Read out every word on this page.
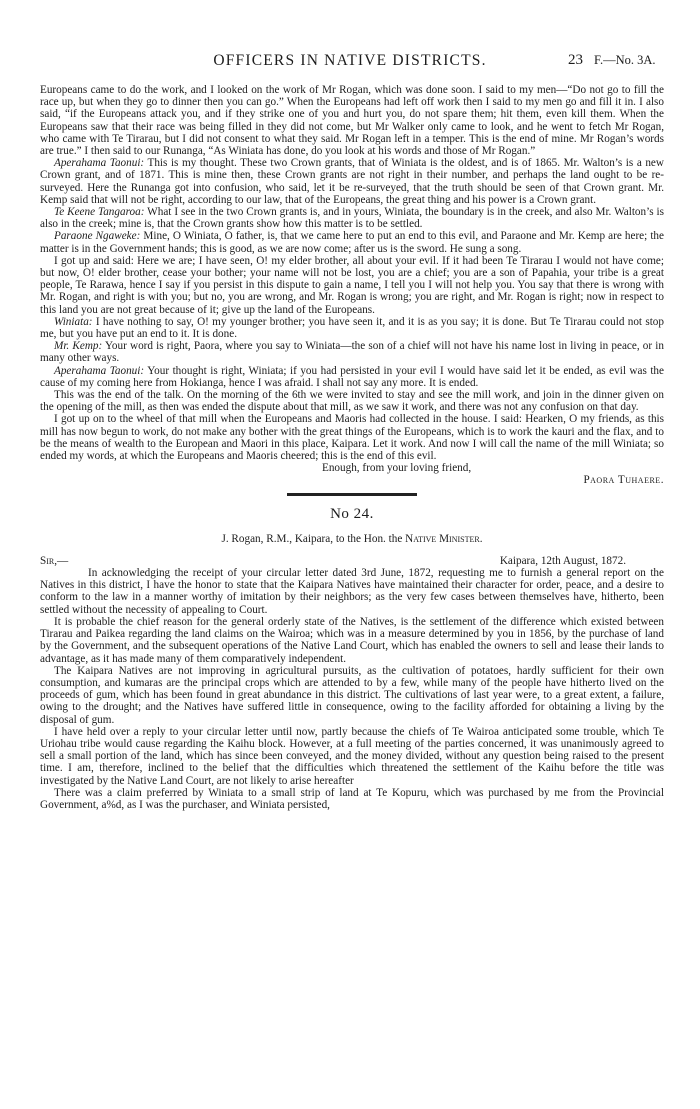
OFFICERS IN NATIVE DISTRICTS.	23 F.—No. 3A.

Europeans came to do the work, and I looked on the work of Mr Rogan, which was done soon. I said to my men—“Do not go to fill the race up, but when they go to dinner then you can go.” When the Europeans had left off work then I said to my men go and fill it in. I also said, “if the Europeans attack you, and if they strike one of you and hurt you, do not spare them; hit them, even kill them. When the Europeans saw that their race was being filled in they did not come, but Mr Walker only came to look, and he went to fetch Mr Rogan, who came with Te Tirarau, but I did not consent to what they said. Mr Rogan left in a temper. This is the end of mine. Mr Rogan’s words are true.” I then said to our Runanga, “As Winiata has done, do you look at his words and those of Mr Rogan.”

Aperahama Taonui: This is my thought. These two Crown grants, that of Winiata is the oldest, and is of 1865. Mr. Walton’s is a new Crown grant, and of 1871. This is mine then, these Crown grants are not right in their number, and perhaps the land ought to be re-surveyed. Here the Runanga got into confusion, who said, let it be re-surveyed, that the truth should be seen of that Crown grant. Mr. Kemp said that will not be right, according to our law, that of the Europeans, the great thing and his power is a Crown grant.

Te Keene Tangaroa: What I see in the two Crown grants is, and in yours, Winiata, the boundary is in the creek, and also Mr. Walton’s is also in the creek; mine is, that the Crown grants show how this matter is to be settled.

Paraone Ngaweke: Mine, O Winiata, O father, is, that we came here to put an end to this evil, and Paraone and Mr. Kemp are here; the matter is in the Government hands; this is good, as we are now come; after us is the sword. He sung a song.

I got up and said: Here we are; I have seen, O! my elder brother, all about your evil. If it had been Te Tirarau I would not have come; but now, O! elder brother, cease your bother; your name will not be lost, you are a chief; you are a son of Papahia, your tribe is a great people, Te Rarawa, hence I say if you persist in this dispute to gain a name, I tell you I will not help you. You say that there is wrong with Mr. Rogan, and right is with you; but no, you are wrong, and Mr. Rogan is wrong; you are right, and Mr. Rogan is right; now in respect to this land you are not great because of it; give up the land of the Europeans.

Winiata: I have nothing to say, O! my younger brother; you have seen it, and it is as you say; it is done. But Te Tirarau could not stop me, but you have put an end to it. It is done.

Mr. Kemp: Your word is right, Paora, where you say to Winiata—the son of a chief will not have his name lost in living in peace, or in many other ways.

Aperahama Taonui: Your thought is right, Winiata; if you had persisted in your evil I would have said let it be ended, as evil was the cause of my coming here from Hokianga, hence I was afraid. I shall not say any more. It is ended.

This was the end of the talk. On the morning of the 6th we were invited to stay and see the mill work, and join in the dinner given on the opening of the mill, as then was ended the dispute about that mill, as we saw it work, and there was not any confusion on that day.

I got up on to the wheel of that mill when the Europeans and Maoris had collected in the house. I said: Hearken, O my friends, as this mill has now begun to work, do not make any bother with the great things of the Europeans, which is to work the kauri and the flax, and to be the means of wealth to the European and Maori in this place, Kaipara. Let it work. And now I will call the name of the mill Winiata; so ended my words, at which the Europeans and Maoris cheered; this is the end of this evil.

Enough, from your loving friend,

Paora Tuhaere.

No 24.
J. Rogan, R.M., Kaipara, to the Hon. the Native Minister.

Sir,—	Kaipara, 12th August, 1872.

In acknowledging the receipt of your circular letter dated 3rd June, 1872, requesting me to furnish a general report on the Natives in this district, I have the honor to state that the Kaipara Natives have maintained their character for order, peace, and a desire to conform to the law in a manner worthy of imitation by their neighbors; as the very few cases between themselves have, hitherto, been settled without the necessity of appealing to Court.

It is probable the chief reason for the general orderly state of the Natives, is the settlement of the difference which existed between Tirarau and Paikea regarding the land claims on the Wairoa; which was in a measure determined by you in 1856, by the purchase of land by the Government, and the subsequent operations of the Native Land Court, which has enabled the owners to sell and lease their lands to advantage, as it has made many of them comparatively independent.

The Kaipara Natives are not improving in agricultural pursuits, as the cultivation of potatoes, hardly sufficient for their own consumption, and kumaras are the principal crops which are attended to by a few, while many of the people have hitherto lived on the proceeds of gum, which has been found in great abundance in this district. The cultivations of last year were, to a great extent, a failure, owing to the drought; and the Natives have suffered little in consequence, owing to the facility afforded for obtaining a living by the disposal of gum.

I have held over a reply to your circular letter until now, partly because the chiefs of Te Wairoa anticipated some trouble, which Te Uriohau tribe would cause regarding the Kaihu block. However, at a full meeting of the parties concerned, it was unanimously agreed to sell a small portion of the land, which has since been conveyed, and the money divided, without any question being raised to the present time. I am, therefore, inclined to the belief that the difficulties which threatened the settlement of the Kaihu before the title was investigated by the Native Land Court, are not likely to arise hereafter

There was a claim preferred by Winiata to a small strip of land at Te Kopuru, which was purchased by me from the Provincial Government, a%d, as I was the purchaser, and Winiata persisted,
